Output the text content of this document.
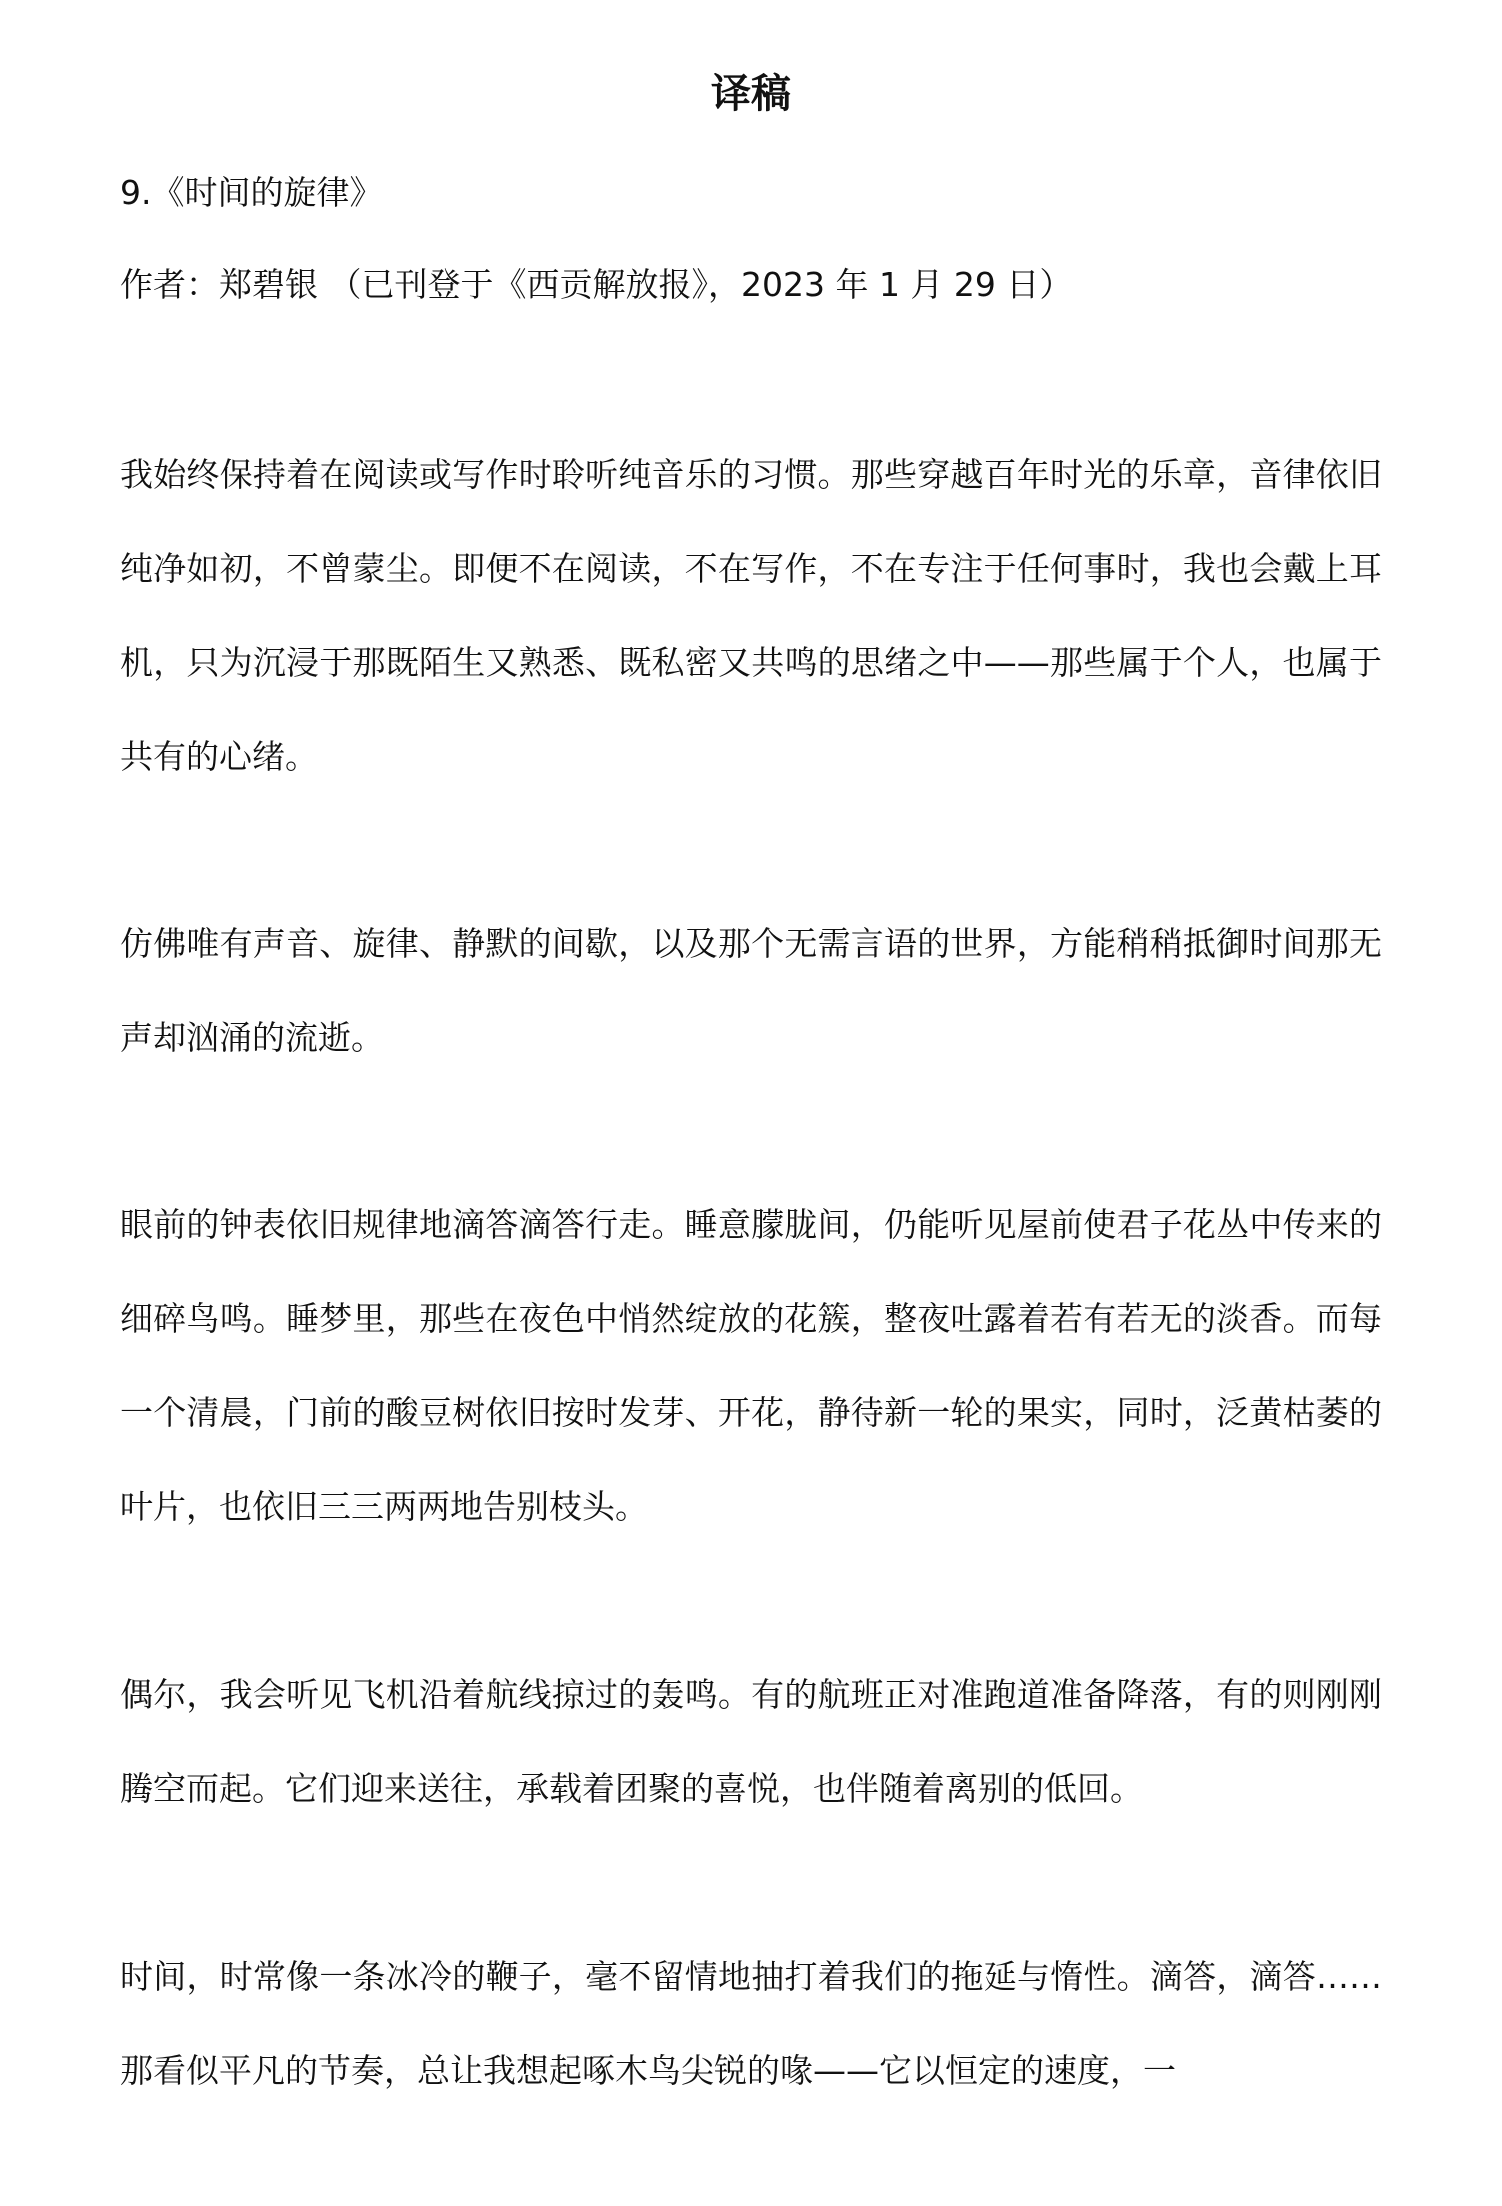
译稿

9.《时间的旋律》

作者：郑碧银 （已刊登于《西贡解放报》，2023 年 1 月 29 日）

我始终保持着在阅读或写作时聆听纯音乐的习惯。那些穿越百年时光的乐章，音律依旧纯净如初，不曾蒙尘。即便不在阅读，不在写作，不在专注于任何事时，我也会戴上耳机，只为沉浸于那既陌生又熟悉、既私密又共鸣的思绪之中——那些属于个人，也属于共有的心绪。

仿佛唯有声音、旋律、静默的间歇，以及那个无需言语的世界，方能稍稍抵御时间那无声却汹涌的流逝。

眼前的钟表依旧规律地滴答滴答行走。睡意朦胧间，仍能听见屋前使君子花丛中传来的细碎鸟鸣。睡梦里，那些在夜色中悄然绽放的花簇，整夜吐露着若有若无的淡香。而每一个清晨，门前的酸豆树依旧按时发芽、开花，静待新一轮的果实，同时，泛黄枯萎的叶片，也依旧三三两两地告别枝头。

偶尔，我会听见飞机沿着航线掠过的轰鸣。有的航班正对准跑道准备降落，有的则刚刚腾空而起。它们迎来送往，承载着团聚的喜悦，也伴随着离别的低回。

时间，时常像一条冰冷的鞭子，毫不留情地抽打着我们的拖延与惰性。滴答，滴答……那看似平凡的节奏，总让我想起啄木鸟尖锐的喙——它以恒定的速度，一
